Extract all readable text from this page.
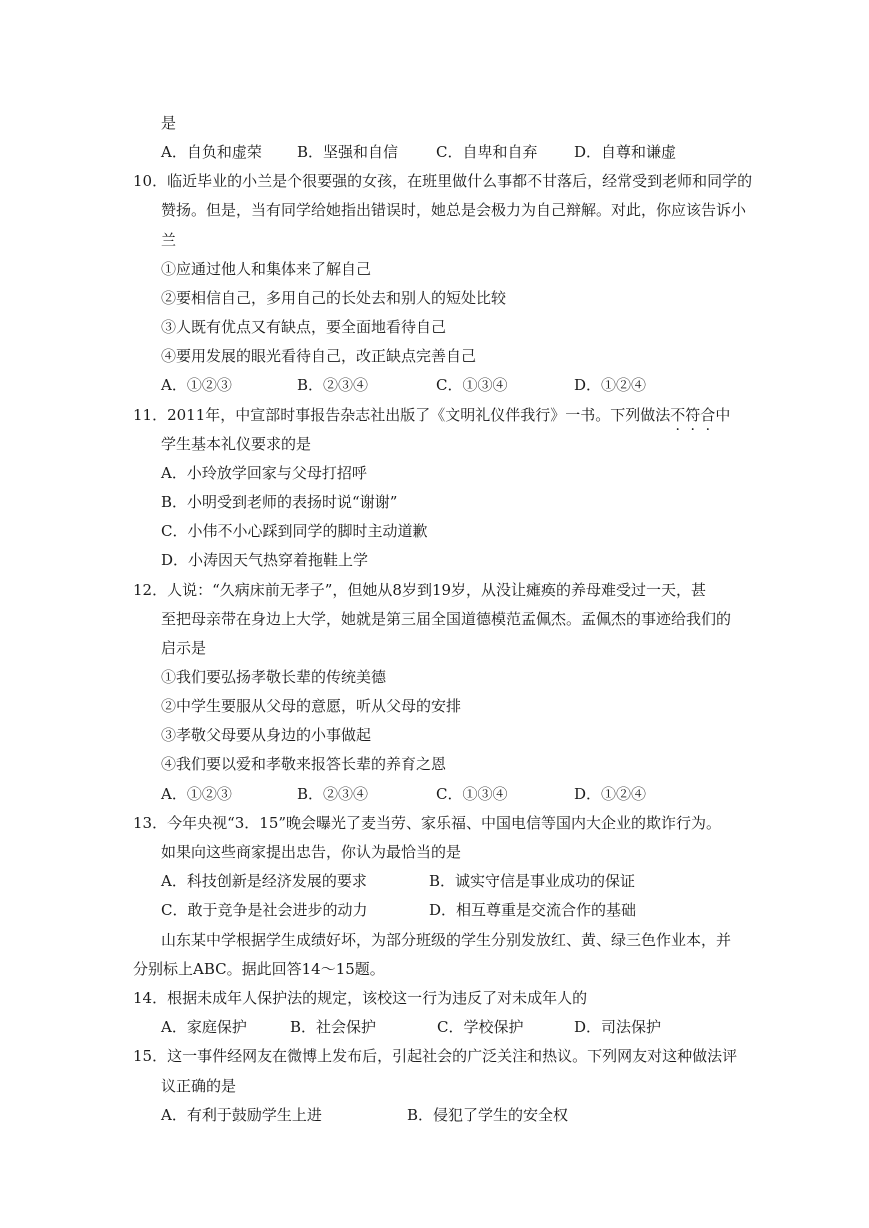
是
A．自负和虚荣 B．坚强和自信	C．自卑和自弃 D．自尊和谦虚
10．临近毕业的小兰是个很要强的女孩，在班里做什么事都不甘落后，经常受到老师和同学的
赞扬。但是，当有同学给她指出错误时，她总是会极力为自己辩解。对此，你应该告诉小
兰
①应通过他人和集体来了解自己
②要相信自己，多用自己的长处去和别人的短处比较
③人既有优点又有缺点，要全面地看待自己
④要用发展的眼光看待自己，改正缺点完善自己
A．①②③	B．②③④	C．①③④	D．①②④
11．2011年，中宣部时事报告杂志社出版了《文明礼仪伴我行》一书。下列做法不符合中
学生基本礼仪要求的是
A．小玲放学回家与父母打招呼
B．小明受到老师的表扬时说“谢谢”
C．小伟不小心踩到同学的脚时主动道歉
D．小涛因天气热穿着拖鞋上学
12．人说：“久病床前无孝子”，但她从8岁到19岁，从没让瘫痪的养母难受过一天，甚
至把母亲带在身边上大学，她就是第三届全国道德模范孟佩杰。孟佩杰的事迹给我们的
启示是
①我们要弘扬孝敬长辈的传统美德
②中学生要服从父母的意愿，听从父母的安排
③孝敬父母要从身边的小事做起
④我们要以爱和孝敬来报答长辈的养育之恩
A．①②③	B．②③④	C．①③④	D．①②④
13．今年央视“3．15”晚会曝光了麦当劳、家乐福、中国电信等国内大企业的欺诈行为。
如果向这些商家提出忠告，你认为最恰当的是
A．科技创新是经济发展的要求	B．诚实守信是事业成功的保证
C．敢于竞争是社会进步的动力	D．相互尊重是交流合作的基础
山东某中学根据学生成绩好坏，为部分班级的学生分别发放红、黄、绿三色作业本，并
分别标上ABC。据此回答14～15题。
14．根据未成年人保护法的规定，该校这一行为违反了对未成年人的
A．家庭保护	B．社会保护	C．学校保护	D．司法保护
15．这一事件经网友在微博上发布后，引起社会的广泛关注和热议。下列网友对这种做法评
议正确的是
A．有利于鼓励学生上进	B．侵犯了学生的安全权
